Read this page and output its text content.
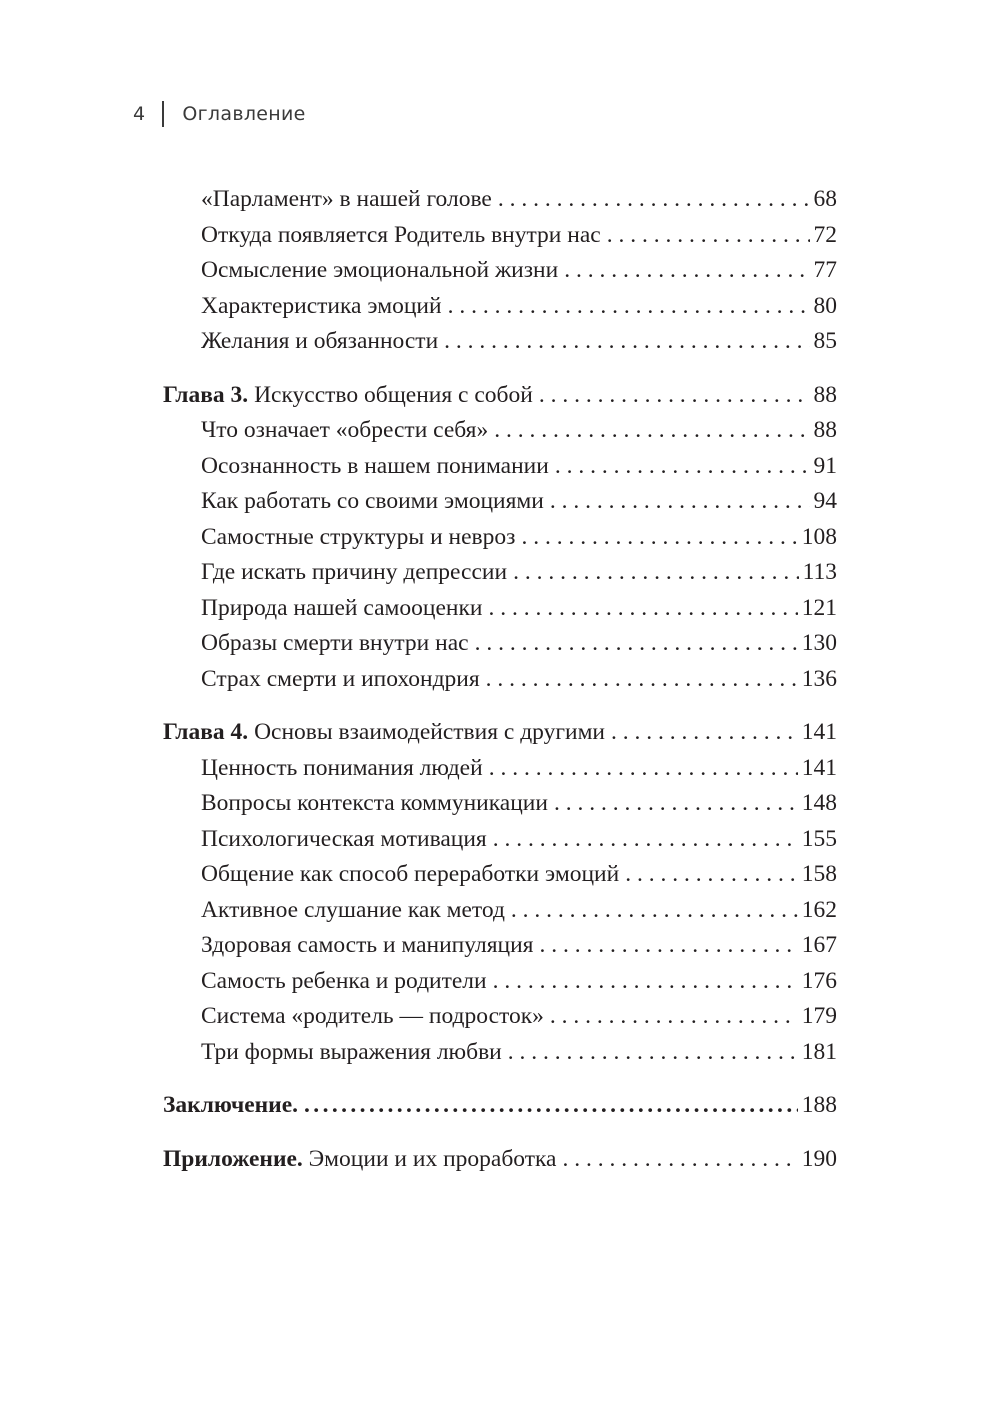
4 Оглавление
«Парламент» в нашей голове . . .	68
Откуда появляется Родитель внутри нас . . .	72
Осмысление эмоциональной жизни . . .	77
Характеристика эмоций . . .	80
Желания и обязанности . . .	85
Глава 3. Искусство общения с собой . . .	88
Что означает «обрести себя» . . .	88
Осознанность в нашем понимании . . .	91
Как работать со своими эмоциями . . .	94
Самостные структуры и невроз . . .	108
Где искать причину депрессии . . .	113
Природа нашей самооценки . . .	121
Образы смерти внутри нас . . .	130
Страх смерти и ипохондрия . . .	136
Глава 4. Основы взаимодействия с другими . . .	141
Ценность понимания людей . . .	141
Вопросы контекста коммуникации . . .	148
Психологическая мотивация . . .	155
Общение как способ переработки эмоций . . .	158
Активное слушание как метод . . .	162
Здоровая самость и манипуляция . . .	167
Самость ребенка и родители . . .	176
Система «родитель — подросток» . . .	179
Три формы выражения любви . . .	181
Заключение. .....	188
Приложение. Эмоции и их проработка . . .	190
